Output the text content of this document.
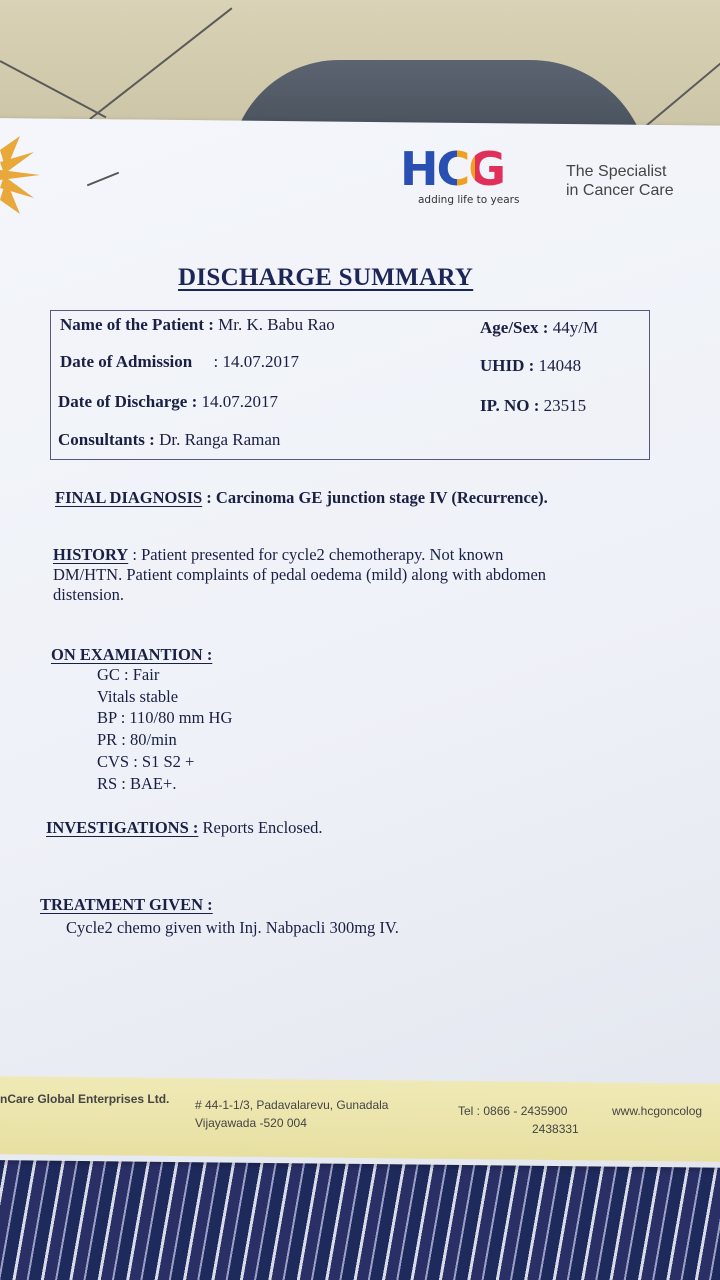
HCG
adding life to years
The Specialist
in Cancer Care
DISCHARGE SUMMARY
Name of the Patient : Mr. K. Babu Rao	Age/Sex : 44y/M
Date of Admission : 14.07.2017	UHID : 14048
Date of Discharge : 14.07.2017	IP. NO : 23515
Consultants : Dr. Ranga Raman
FINAL DIAGNOSIS : Carcinoma GE junction stage IV (Recurrence).
HISTORY : Patient presented for cycle2 chemotherapy. Not known
DM/HTN. Patient complaints of pedal oedema (mild) along with abdomen
distension.
ON EXAMIANTION :
GC : Fair
Vitals stable
BP : 110/80 mm HG
PR : 80/min
CVS : S1 S2 +
RS : BAE+.
INVESTIGATIONS : Reports Enclosed.
TREATMENT GIVEN :
Cycle2 chemo given with Inj. Nabpacli 300mg IV.
nCare Global Enterprises Ltd. # 44-1-1/3, Padavalarevu, Gunadala
Vijayawada -520 004
Tel : 0866 - 2435900
2438331
www.hcgoncolog
